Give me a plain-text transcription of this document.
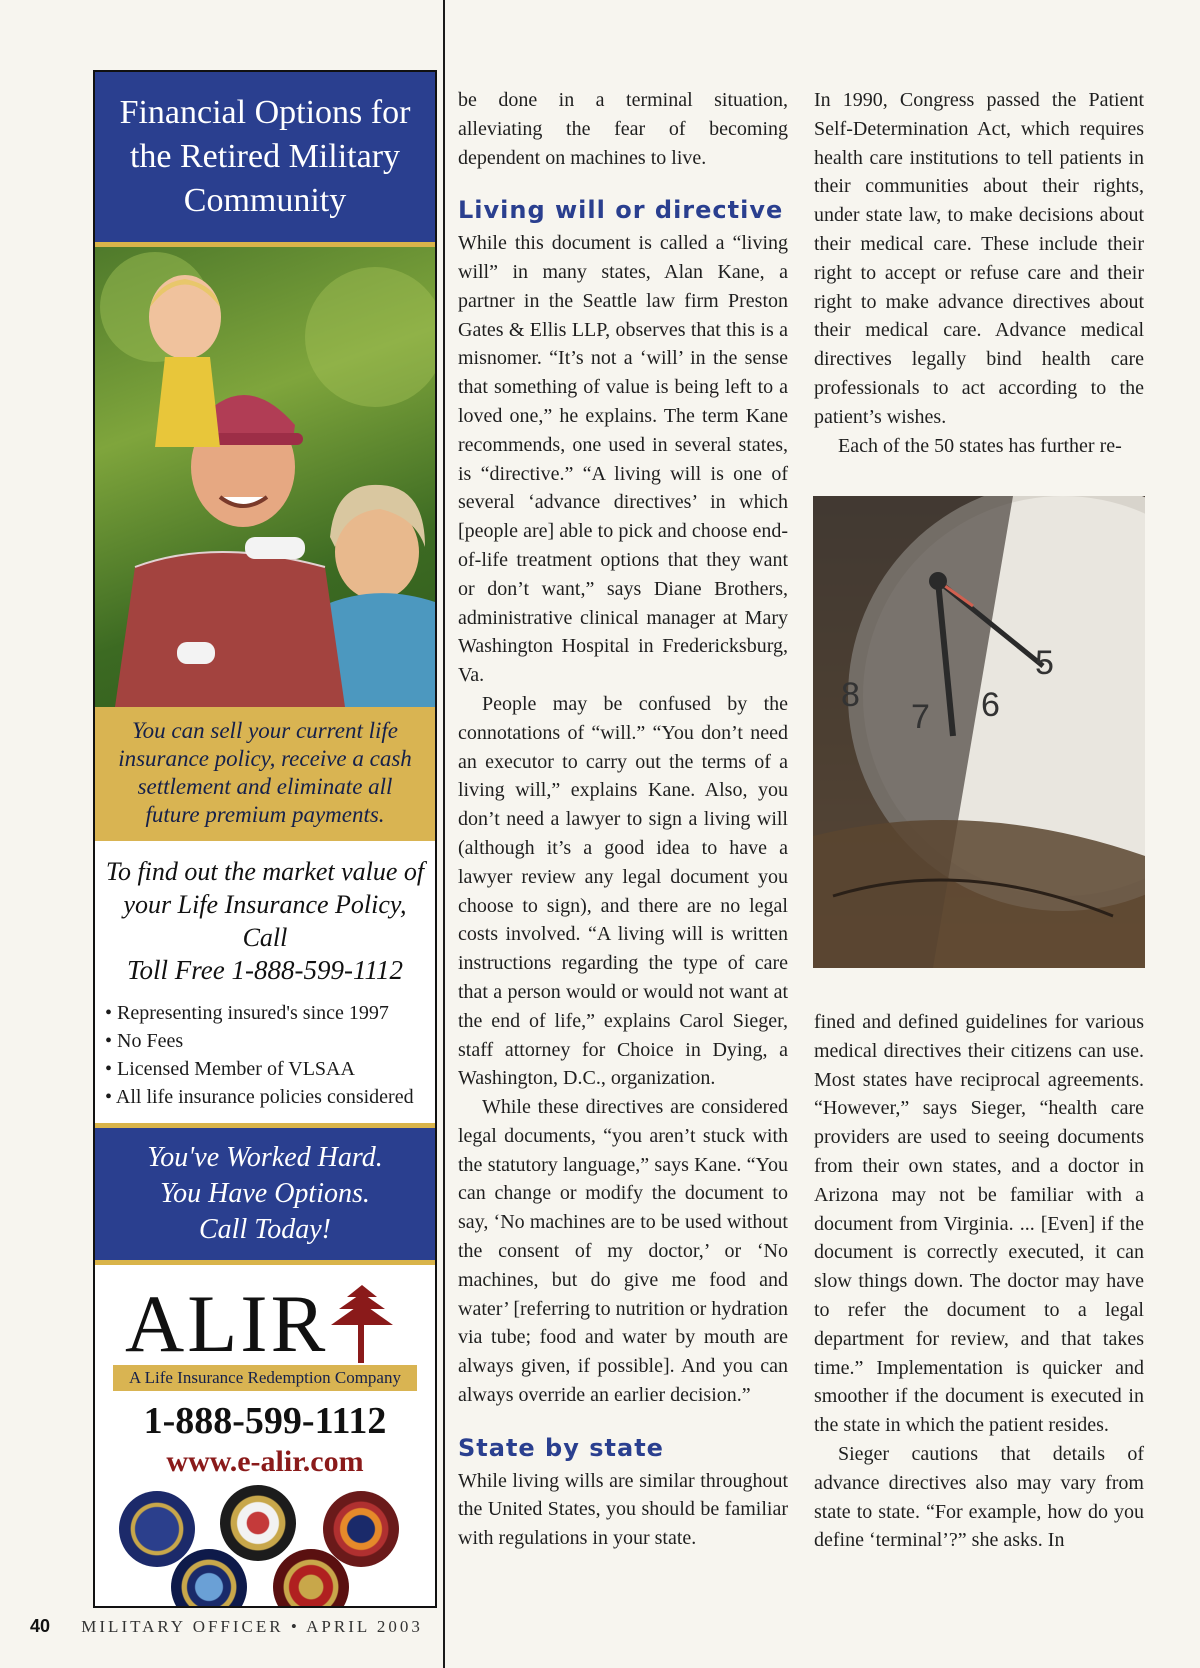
Financial Options for the Retired Military Community
You can sell your current life insurance policy, receive a cash settlement and eliminate all future premium payments.
To find out the market value of your Life Insurance Policy, Call
Toll Free 1-888-599-1112
• Representing insured's since 1997
• No Fees
• Licensed Member of VLSAA
• All life insurance policies considered
You've Worked Hard.
You Have Options.
Call Today!
ALIR
A Life Insurance Redemption Company
1-888-599-1112
www.e-alir.com

be done in a terminal situation, alleviating the fear of becoming dependent on machines to live.

Living will or directive

While this document is called a “living will” in many states, Alan Kane, a partner in the Seattle law firm Preston Gates & Ellis LLP, observes that this is a misnomer. “It’s not a ‘will’ in the sense that something of value is being left to a loved one,” he explains. The term Kane recommends, one used in several states, is “directive.” “A living will is one of several ‘advance directives’ in which [people are] able to pick and choose end-of-life treatment options that they want or don’t want,” says Diane Brothers, administrative clinical manager at Mary Washington Hospital in Fredericksburg, Va.

People may be confused by the connotations of “will.” “You don’t need an executor to carry out the terms of a living will,” explains Kane. Also, you don’t need a lawyer to sign a living will (although it’s a good idea to have a lawyer review any legal document you choose to sign), and there are no legal costs involved. “A living will is written instructions regarding the type of care that a person would or would not want at the end of life,” explains Carol Sieger, staff attorney for Choice in Dying, a Washington, D.C., organization.

While these directives are considered legal documents, “you aren’t stuck with the statutory language,” says Kane. “You can change or modify the document to say, ‘No machines are to be used without the consent of my doctor,’ or ‘No machines, but do give me food and water’ [referring to nutrition or hydration via tube; food and water by mouth are always given, if possible]. And you can always override an earlier decision.”

State by state

While living wills are similar throughout the United States, you should be familiar with regulations in your state.

In 1990, Congress passed the Patient Self-Determination Act, which requires health care institutions to tell patients in their communities about their rights, under state law, to make decisions about their medical care. These include their right to accept or refuse care and their right to make advance directives about their medical care. Advance medical directives legally bind health care professionals to act according to the patient’s wishes.

Each of the 50 states has further re-

8
7 6
5

fined and defined guidelines for various medical directives their citizens can use. Most states have reciprocal agreements. “However,” says Sieger, “health care providers are used to seeing documents from their own states, and a doctor in Arizona may not be familiar with a document from Virginia. ... [Even] if the document is correctly executed, it can slow things down. The doctor may have to refer the document to a legal department for review, and that takes time.” Implementation is quicker and smoother if the document is executed in the state in which the patient resides.

Sieger cautions that details of advance directives also may vary from state to state. “For example, how do you define ‘terminal’?” she asks. In

40 MILITARY OFFICER • APRIL 2003
